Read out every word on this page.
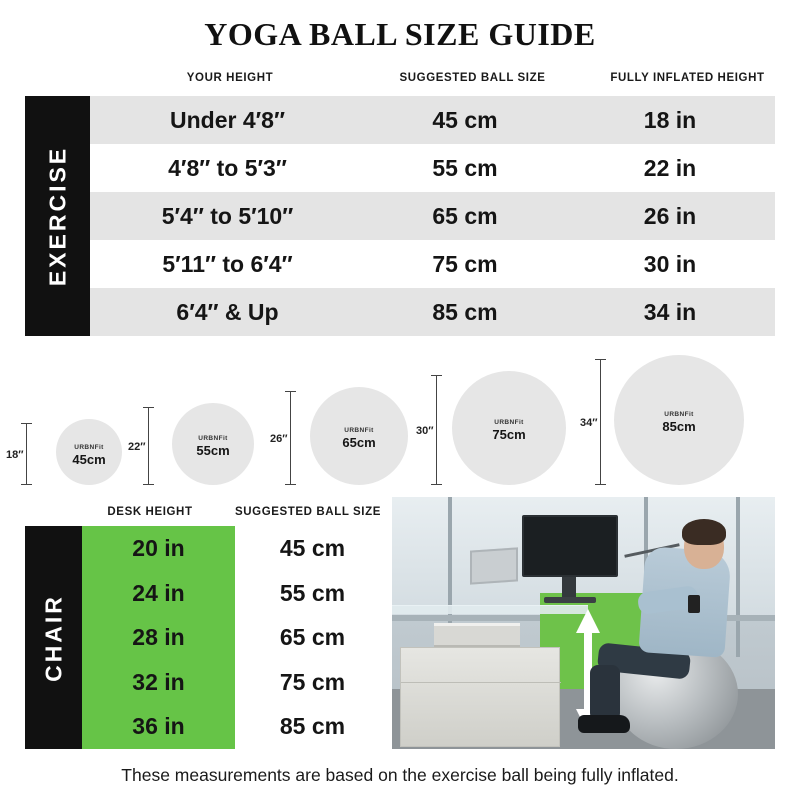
YOGA BALL SIZE GUIDE
YOUR HEIGHT	SUGGESTED BALL SIZE	FULLY INFLATED HEIGHT
EXERCISE
Under 4′8″	45 cm	18 in
4′8″ to 5′3″	55 cm	22 in
5′4″ to 5′10″	65 cm	26 in
5′11″ to 6′4″	75 cm	30 in
6′4″ & Up	85 cm	34 in
18″
URBNFit
45cm
22″
URBNFit
55cm
26″
URBNFit
65cm
30″
URBNFit
75cm
34″
URBNFit
85cm
DESK HEIGHT	SUGGESTED BALL SIZE
CHAIR
20 in	45 cm
24 in	55 cm
28 in	65 cm
32 in	75 cm
36 in	85 cm
These measurements are based on the exercise ball being fully inflated.
